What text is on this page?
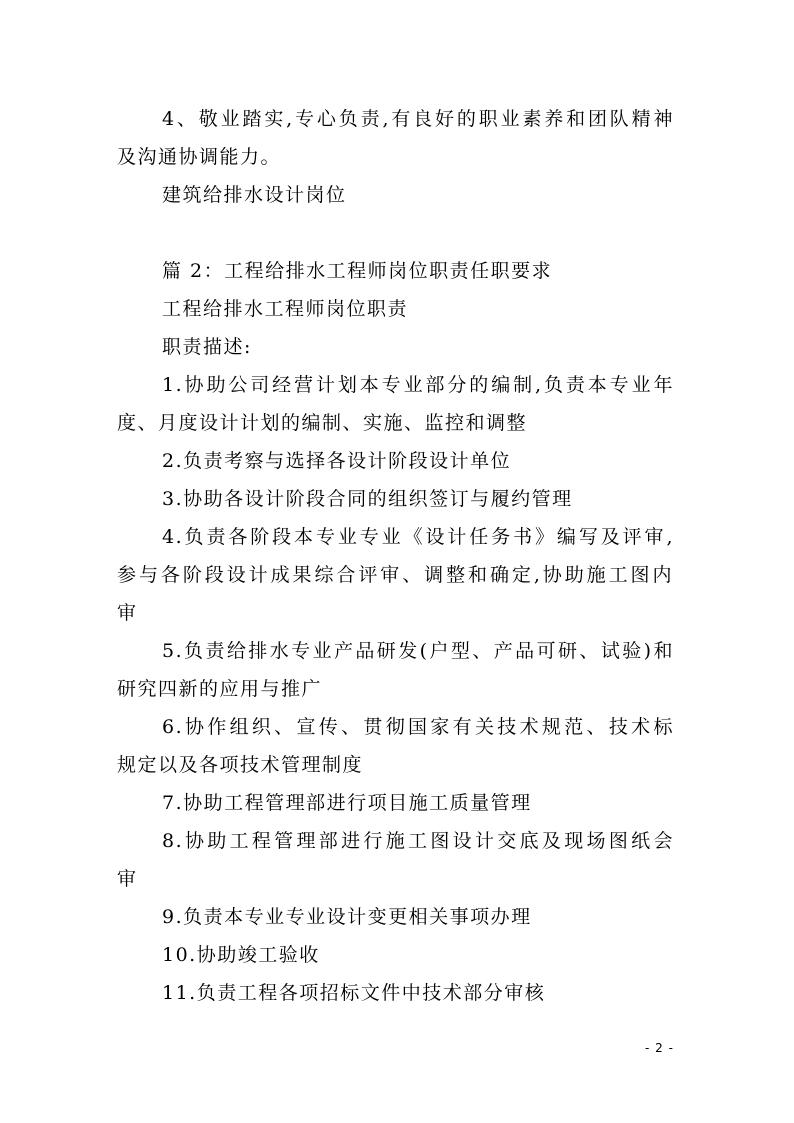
4、敬业踏实,专心负责,有良好的职业素养和团队精神
及沟通协调能力。
建筑给排水设计岗位
篇 2：工程给排水工程师岗位职责任职要求
工程给排水工程师岗位职责
职责描述:
1.协助公司经营计划本专业部分的编制,负责本专业年
度、月度设计计划的编制、实施、监控和调整
2.负责考察与选择各设计阶段设计单位
3.协助各设计阶段合同的组织签订与履约管理
4.负责各阶段本专业专业《设计任务书》编写及评审,
参与各阶段设计成果综合评审、调整和确定,协助施工图内
审
5.负责给排水专业产品研发(户型、产品可研、试验)和
研究四新的应用与推广
6.协作组织、宣传、贯彻国家有关技术规范、技术标
规定以及各项技术管理制度
7.协助工程管理部进行项目施工质量管理
8.协助工程管理部进行施工图设计交底及现场图纸会
审
9.负责本专业专业设计变更相关事项办理
10.协助竣工验收
11.负责工程各项招标文件中技术部分审核
- 2 -
